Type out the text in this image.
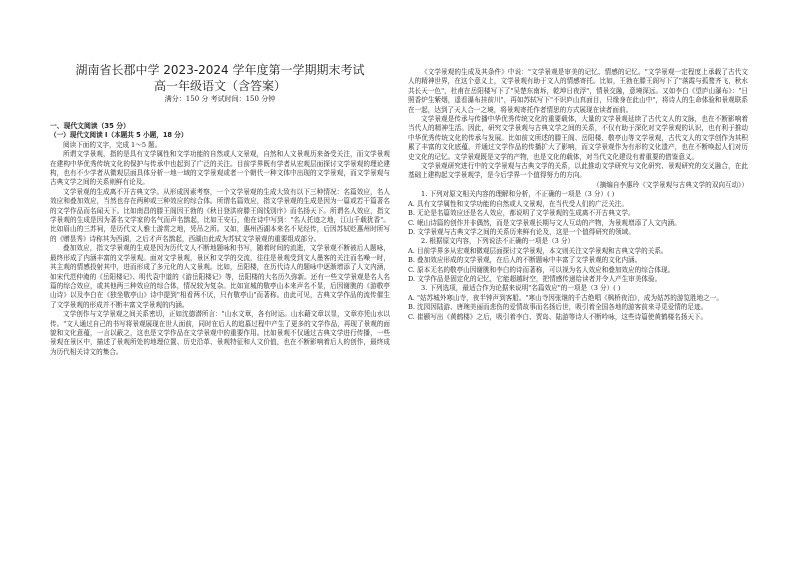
湖南省长郡中学 2023-2024 学年度第一学期期末考试
高一年级语文（含答案）
满分：150 分 考试时间：150 分钟
一、现代文阅读（35 分）
（一）现代文阅读 I（本题共 5 小题，18 分）

阅读下面的文字，完成 1～5 题。

所谓文学景观，指的是具有文学属性和文学功能的自然或人文景观，自然和人文景观历来备受关注，而文学景观在建构中华优秀传统文化的保护与传承中也起到了广泛的关注。目前学界既有学者从宏观层面探讨文学景观的理论建构，也有不少学者从微观层面具体分析一地一域的文学景观或者一个朝代一种文体中出现的文学景观，而文学景观与古典文学之间的关系则鲜有论及。

文学景观的生成离不开古典文学。从形成因素考察，一个文学景观的生成大致有以下三种情况：名篇效应，名人效应和叠加效应，当然也存在两种或三种效应的综合体。所谓名篇效应，指文学景观的生成是因为一篇或若干篇著名的文学作品而名闻天下。比如南昌的滕王阁因王勃的《秋日登洪府滕王阁饯别序》而名扬天下。所谓名人效应，指文学景观的生成是因为著名文学家的名气而声名鹊起，比如王安石，他在诗中写到："名人托迹之地，江山千载犹香"。比如眉山的三苏祠，是历代文人雅士游赏之地，凭吊之所。又如，惠州西湖本来名不见经传，后因苏轼贬惠州时所写的《赠昙秀》诗称其为西湖，之后才声名鹊起，西湖由此成为苏轼文学景观的重要组成部分。

叠加效应，指文学景观的生成是因为历代文人不断地题咏和书写，随着时间的流逝，文学景观不断被后人题咏，最终形成了内涵丰富的文学景观。面对文学景观，景区和文学的交流，往往是景观受到文人墨客的关注而名噪一时，其主观的情感投射其中，进而形成了多元化的人文景观。比如，岳阳楼，在历代诗人的题咏中逐渐增添了人文内涵，如宋代范仲淹的《岳阳楼记》、明代袁中道的《游岳阳楼记》等，岳阳楼的大名历久弥新。还有一些文学景观是名人名篇的综合效应，或其他两三种效应的综合体，情况较为复杂。比如宣城的敬亭山本来声名不显，后因谢朓的《游敬亭山诗》以及李白在《独坐敬亭山》诗中提到"相看两不厌，只有敬亭山"而著称。由此可见，古典文学作品的流传催生了文学景观的形成并不断丰富文学景观的内涵。

文学创作与文学景观之间关系密切，正如沈德潜所言："山水文章，各有时运。山水藉文章以显，文章亦凭山水以传。"文人通过自己的书写将景观展现在世人面前，同时在后人的追慕过程中产生了更多的文学作品，再现了景观的面貌和文化意蕴，一言以蔽之，这也是文学作品在文学景观中的重要作用。比如景观不仅通过古典文学进行传播，一些景观在景区中，描述了景观所处的地理位置、历史沿革、景观特征和人文价值，也在不断影响着后人的创作，最终成为历代相关诗文的集合。

《文学景观的生成及其条件》中说："文学景观是审美的记忆、情感的记忆。"文学景观一定程度上承载了古代文人的精神世界，在这个意义上，文学景观有助于文人的情感寄托。比如，王勃在滕王阁写下了"落霞与孤鹜齐飞，秋水共长天一色"，杜甫在岳阳楼写下了"吴楚东南坼，乾坤日夜浮"，情景交融，意境深远。又如李白《望庐山瀑布》："日照香炉生紫烟，遥看瀑布挂前川"，再如苏轼写下"不识庐山真面目，只缘身在此山中"，将诗人的生命体验和景观联系在一起，达到了天人合一之境，将景观寄托作者情思的方式展现在读者面前。

文学景观是传承与传播中华优秀传统文化的重要载体，大量的文学景观延续了古代文人的文脉，也在不断影响着当代人的精神生活。因此，研究文学景观与古典文学之间的关系，不仅有助于深化对文学景观的认识，也有利于推动中华优秀传统文化的传承与发展。比如前文所述的滕王阁、岳阳楼、敬亭山等文学景观，古代文人的文学创作为其积累了丰富的文化底蕴，并通过文学作品的传播扩大了影响，而文学景观作为有形的文化遗产，也在不断唤起人们对历史文化的记忆。文学景观既是文学的产物，也是文化的载体，对当代文化建设有着重要的借鉴意义。

文学景观研究进行中的文学景观与古典文学的关系，以此推动文学研究与文化研究、景观研究的交叉融合，在此基础上建构起文学景观学，是今后学界一个值得努力的方向。

（摘编自李惠玲《文学景观与古典文学的双向互动》）

1. 下列对原文相关内容的理解和分析，不正确的一项是（3 分）( )

A. 具有文学属性和文学功能的自然或人文景观，在当代受人们的广泛关注。

B. 无论是名篇效应还是名人效应，都说明了文学景观的生成离不开古典文学。

C. 岷山诗篇的创作并非偶然，而是文学景观长期与文人互动的产物，为景观增添了人文内涵。

D. 文学景观与古典文学之间的关系历来鲜有论及，这是一个值得研究的领域。

2. 根据原文内容，下列说法不正确的一项是（3 分）

A. 目前学界多从宏观和微观层面探讨文学景观，本文则关注文学景观和古典文学的关系。

B. 叠加效应形成的文学景观，在后人的不断题咏中丰富了文学景观的文化内涵。

C. 原本无名的敬亭山因谢朓和李白的诗而著称，可以视为名人效应和叠加效应的综合体现。

D. 文学作品是固定化的记忆，它能超越时空，把情感传递给读者并令人产生审美体验。

3. 下列选项，最适合作为论据来说明"名篇效应"的一项是（3 分）( )

A. "姑苏城外寒山寺，夜半钟声到客船。"寒山寺因张继的千古绝唱《枫桥夜泊》，成为姑苏的游览胜地之一。

B. 沈园因陆游、唐琬美丽而悲伤的爱情故事而名扬后世，吸引着全国各地的游客前来寻觅爱情的足迹。

C. 崔颢写出《黄鹤楼》之后，吸引着李白、贾岛、陆游等诗人不断吟咏，这些诗篇使黄鹤楼名扬天下。
